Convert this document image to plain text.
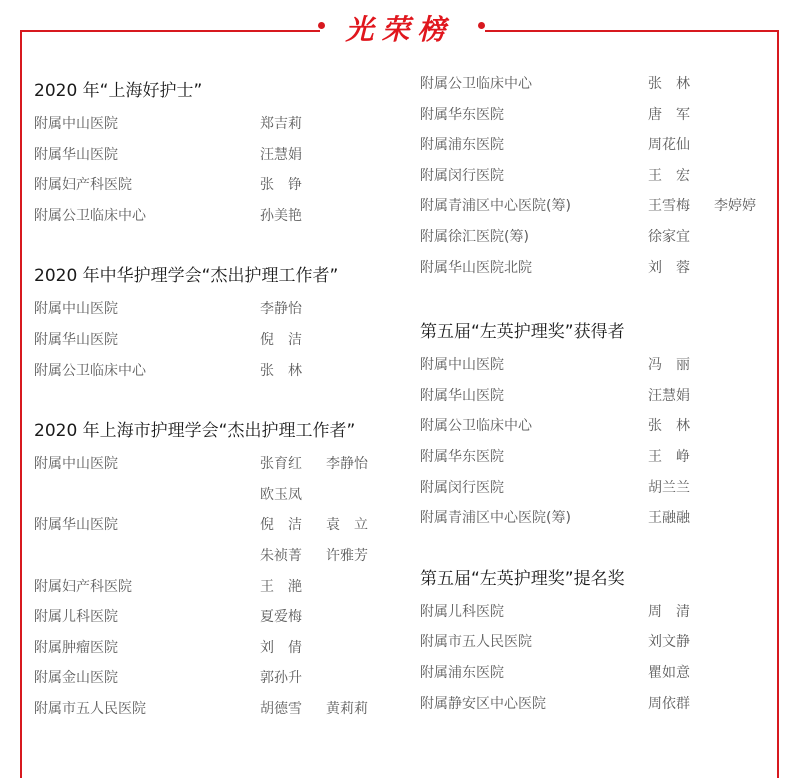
光荣榜
2020 年“上海好护士”
附属中山医院	郑吉莉
附属华山医院	汪慧娟
附属妇产科医院	张　铮
附属公卫临床中心	孙美艳
2020 年中华护理学会“杰出护理工作者”
附属中山医院	李静怡
附属华山医院	倪　洁
附属公卫临床中心	张　林
2020 年上海市护理学会“杰出护理工作者”
附属中山医院	张育红 李静怡
欧玉凤
附属华山医院	倪　洁 袁　立
朱祯菁 许雅芳
附属妇产科医院	王　滟
附属儿科医院	夏爱梅
附属肿瘤医院	刘　倩
附属金山医院	郭孙升
附属市五人民医院	胡德雪 黄莉莉
附属公卫临床中心	张　林
附属华东医院	唐　军
附属浦东医院	周花仙
附属闵行医院	王　宏
附属青浦区中心医院(筹)	王雪梅 李婷婷
附属徐汇医院(筹)	徐家宜
附属华山医院北院	刘　蓉
第五届“左英护理奖”获得者
附属中山医院	冯　丽
附属华山医院	汪慧娟
附属公卫临床中心	张　林
附属华东医院	王　峥
附属闵行医院	胡兰兰
附属青浦区中心医院(筹)	王融融
第五届“左英护理奖”提名奖
附属儿科医院	周　清
附属市五人民医院	刘文静
附属浦东医院	瞿如意
附属静安区中心医院	周依群
